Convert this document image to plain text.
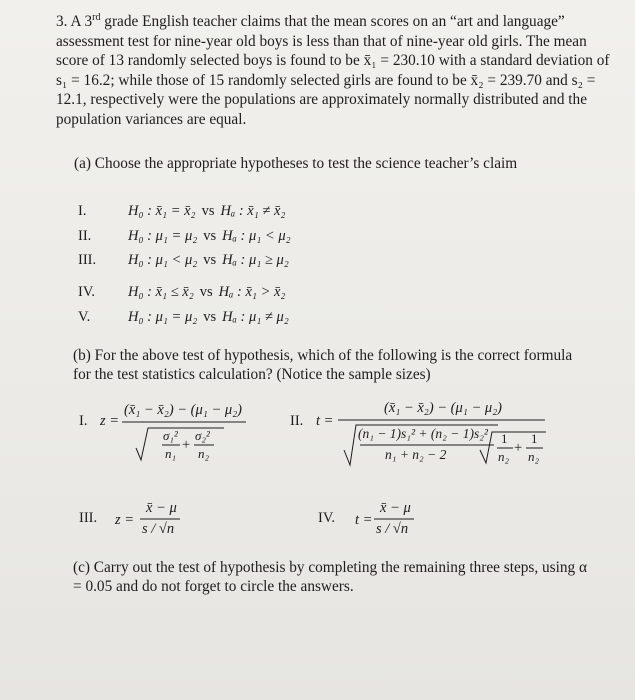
3. A 3rd grade English teacher claims that the mean scores on an “art and language” assessment test for nine-year old boys is less than that of nine-year old girls. The mean score of 13 randomly selected boys is found to be x̄₁ = 230.10 with a standard deviation of s₁ = 16.2; while those of 15 randomly selected girls are found to be x̄₂ = 239.70 and s₂ = 12.1, respectively were the populations are approximately normally distributed and the population variances are equal.
(a) Choose the appropriate hypotheses to test the science teacher’s claim
I.	H₀ : x̄₁ = x̄₂ vs Hₐ : x̄₁ ≠ x̄₂
II.	H₀ : μ₁ = μ₂ vs Hₐ : μ₁ < μ₂
III.	H₀ : μ₁ < μ₂ vs Hₐ : μ₁ ≥ μ₂
IV.	H₀ : x̄₁ ≤ x̄₂ vs Hₐ : x̄₁ > x̄₂
V.	H₀ : μ₁ = μ₂ vs Hₐ : μ₁ ≠ μ₂
(b) For the above test of hypothesis, which of the following is the correct formula for the test statistics calculation? (Notice the sample sizes)
I. z =
(x̄₁ − x̄₂) − (μ₁ − μ₂)
σ₁²
n₁
+
σ₂²
n₂
II. t =
(x̄₁ − x̄₂) − (μ₁ − μ₂)
(n₁ − 1)s₁² + (n₂ − 1)s₂²
n₁ + n₂ − 2
1
n₂
+
1
n₂
III. z =
x̄ − μ
s / √n
IV. t =
x̄ − μ
s / √n
(c) Carry out the test of hypothesis by completing the remaining three steps, using α = 0.05 and do not forget to circle the answers.
